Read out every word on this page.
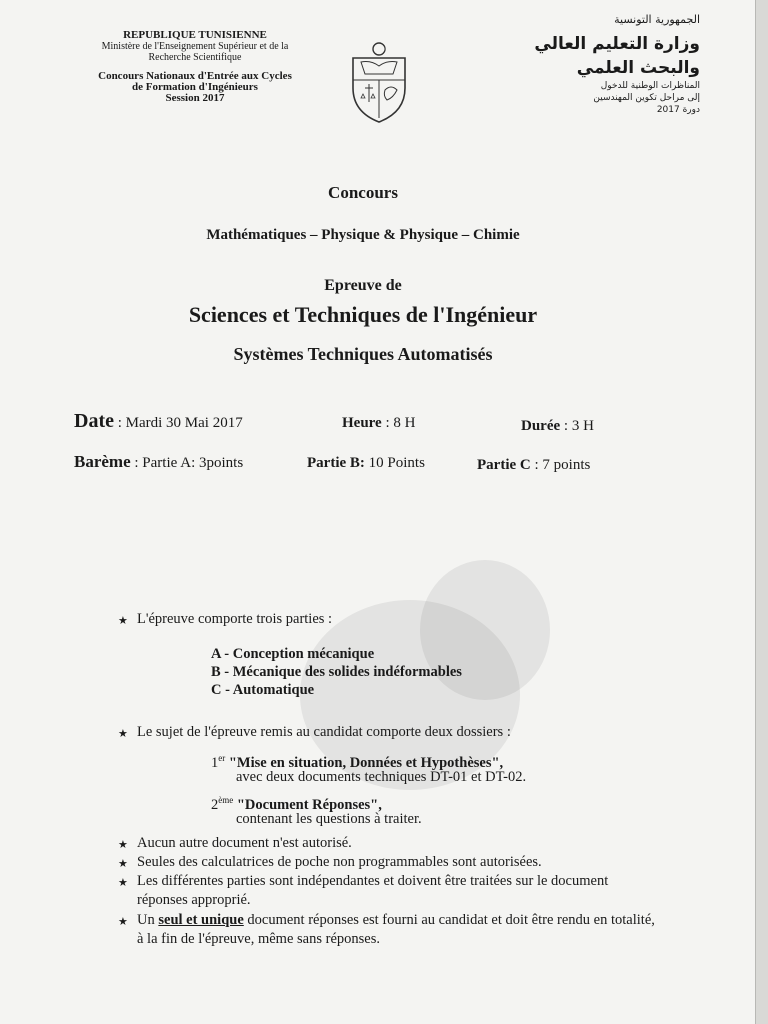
REPUBLIQUE TUNISIENNE
Ministère de l'Enseignement Supérieur et de la
Recherche Scientifique
Concours Nationaux d'Entrée aux Cycles
de Formation d'Ingénieurs
Session 2017
الجمهورية التونسية
وزارة التعليم العالي
والبحث العلمي
المناظرات الوطنية للدخول
إلى مراحل تكوين المهندسين
دورة 2017
Concours
Mathématiques – Physique & Physique – Chimie
Epreuve de
Sciences et Techniques de l'Ingénieur
Systèmes Techniques Automatisés
Date : Mardi 30 Mai 2017	Heure : 8 H	Durée : 3 H
Barème : Partie A: 3points	Partie B: 10 Points	Partie C : 7 points
★ L'épreuve comporte trois parties :
A - Conception mécanique
B - Mécanique des solides indéformables
C - Automatique
★ Le sujet de l'épreuve remis au candidat comporte deux dossiers :
1er "Mise en situation, Données et Hypothèses",
avec deux documents techniques DT-01 et DT-02.
2ème "Document Réponses",
contenant les questions à traiter.
★ Aucun autre document n'est autorisé.
★ Seules des calculatrices de poche non programmables sont autorisées.
★ Les différentes parties sont indépendantes et doivent être traitées sur le document réponses approprié.
★ Un seul et unique document réponses est fourni au candidat et doit être rendu en totalité, à la fin de l'épreuve, même sans réponses.
